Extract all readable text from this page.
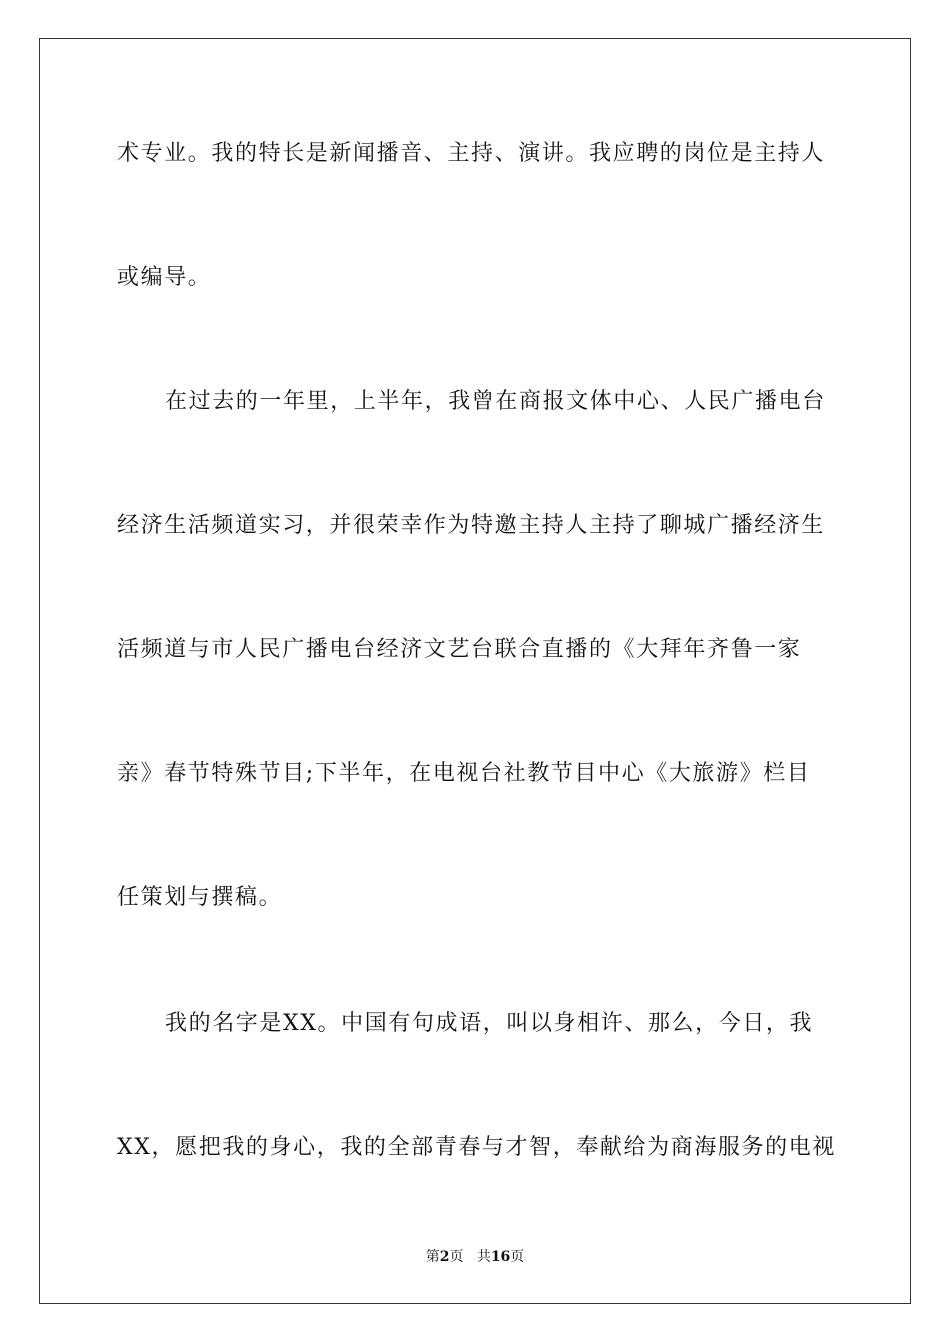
术专业。我的特长是新闻播音、主持、演讲。我应聘的岗位是主持人
或编导。
在过去的一年里，上半年，我曾在商报文体中心、人民广播电台
经济生活频道实习，并很荣幸作为特邀主持人主持了聊城广播经济生
活频道与市人民广播电台经济文艺台联合直播的《大拜年齐鲁一家
亲》春节特殊节目;下半年，在电视台社教节目中心《大旅游》栏目
任策划与撰稿。
我的名字是XX。中国有句成语，叫以身相许、那么，今日，我
XX，愿把我的身心，我的全部青春与才智，奉献给为商海服务的电视
第2页 共16页
